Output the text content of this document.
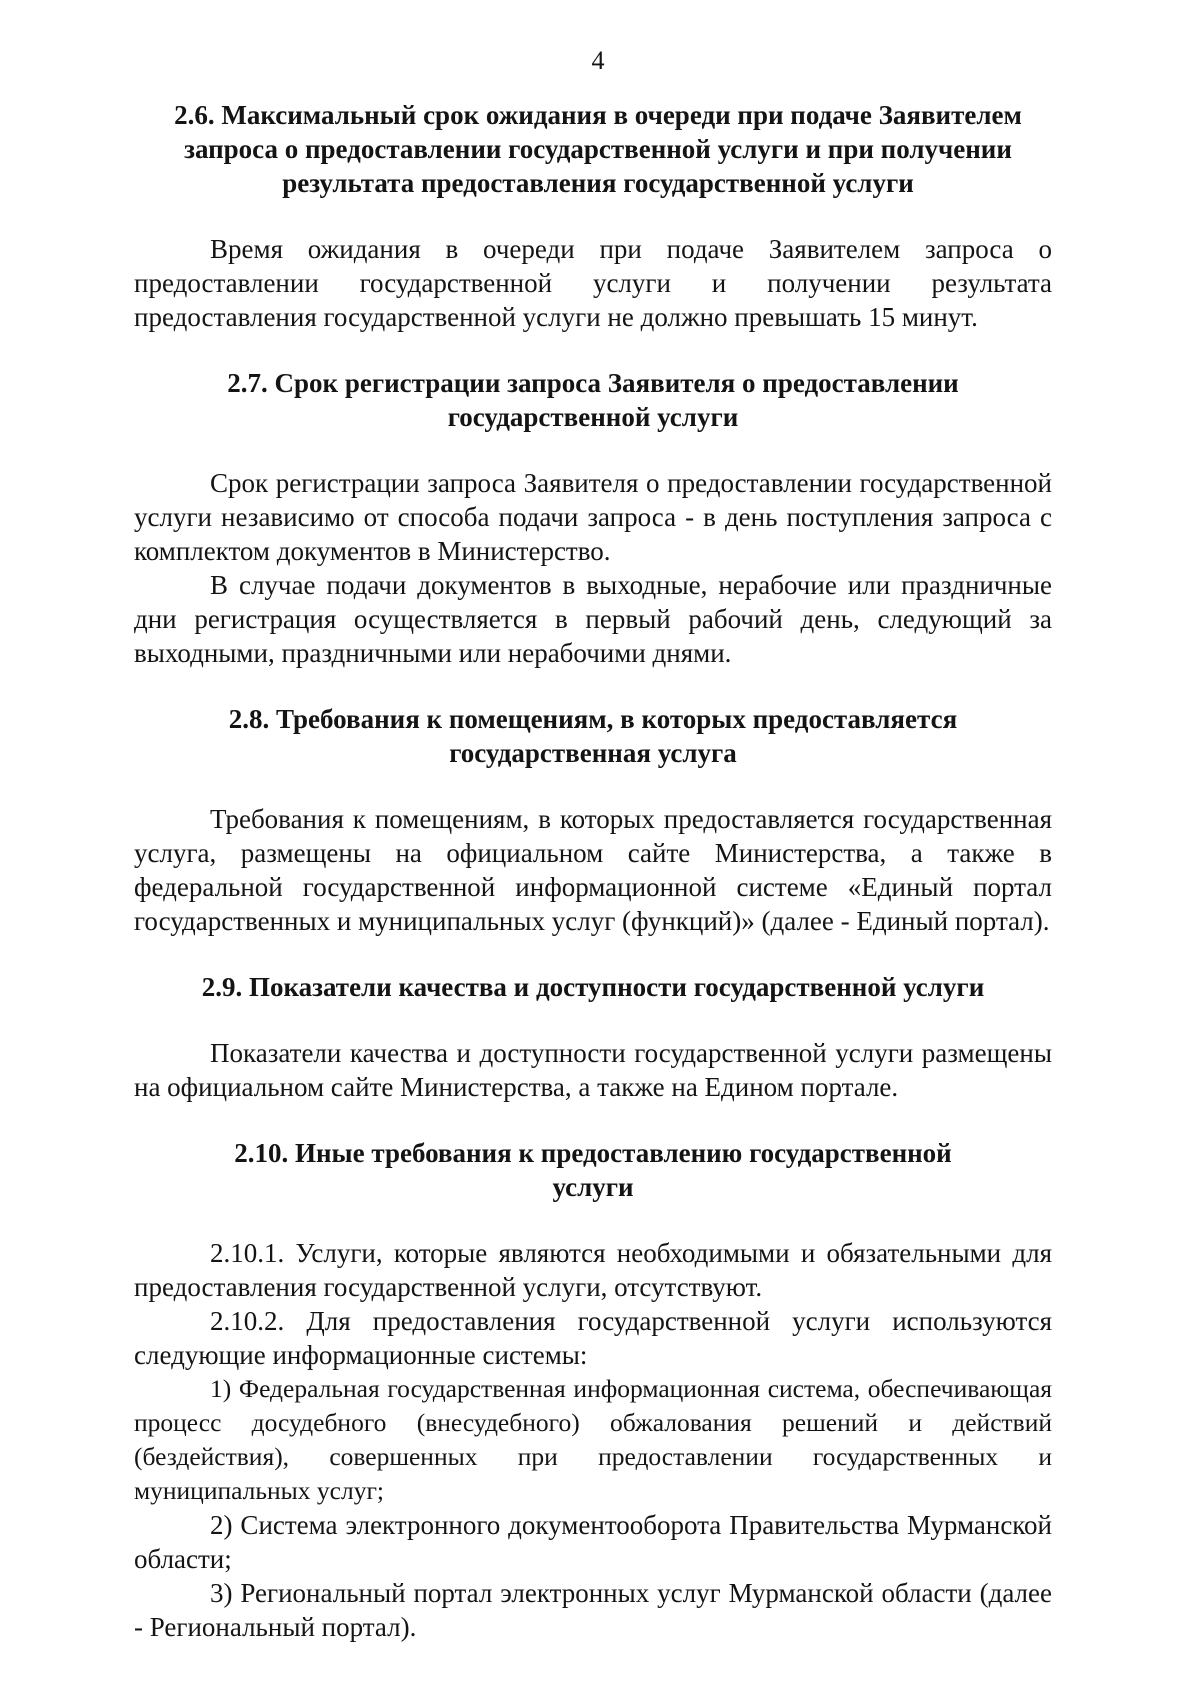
4

2.6. Максимальный срок ожидания в очереди при подаче Заявителем запроса о предоставлении государственной услуги и при получении результата предоставления государственной услуги

Время ожидания в очереди при подаче Заявителем запроса о предоставлении государственной услуги и получении результата предоставления государственной услуги не должно превышать 15 минут.

2.7. Срок регистрации запроса Заявителя о предоставлении государственной услуги

Срок регистрации запроса Заявителя о предоставлении государственной услуги независимо от способа подачи запроса - в день поступления запроса с комплектом документов в Министерство.

В случае подачи документов в выходные, нерабочие или праздничные дни регистрация осуществляется в первый рабочий день, следующий за выходными, праздничными или нерабочими днями.

2.8. Требования к помещениям, в которых предоставляется государственная услуга

Требования к помещениям, в которых предоставляется государственная услуга, размещены на официальном сайте Министерства, а также в федеральной государственной информационной системе «Единый портал государственных и муниципальных услуг (функций)» (далее - Единый портал).

2.9. Показатели качества и доступности государственной услуги

Показатели качества и доступности государственной услуги размещены на официальном сайте Министерства, а также на Едином портале.

2.10. Иные требования к предоставлению государственной услуги

2.10.1. Услуги, которые являются необходимыми и обязательными для предоставления государственной услуги, отсутствуют.

2.10.2. Для предоставления государственной услуги используются следующие информационные системы:

1) Федеральная государственная информационная система, обеспечивающая процесс досудебного (внесудебного) обжалования решений и действий (бездействия), совершенных при предоставлении государственных и муниципальных услуг;

2) Система электронного документооборота Правительства Мурманской области;

3) Региональный портал электронных услуг Мурманской области (далее - Региональный портал).
